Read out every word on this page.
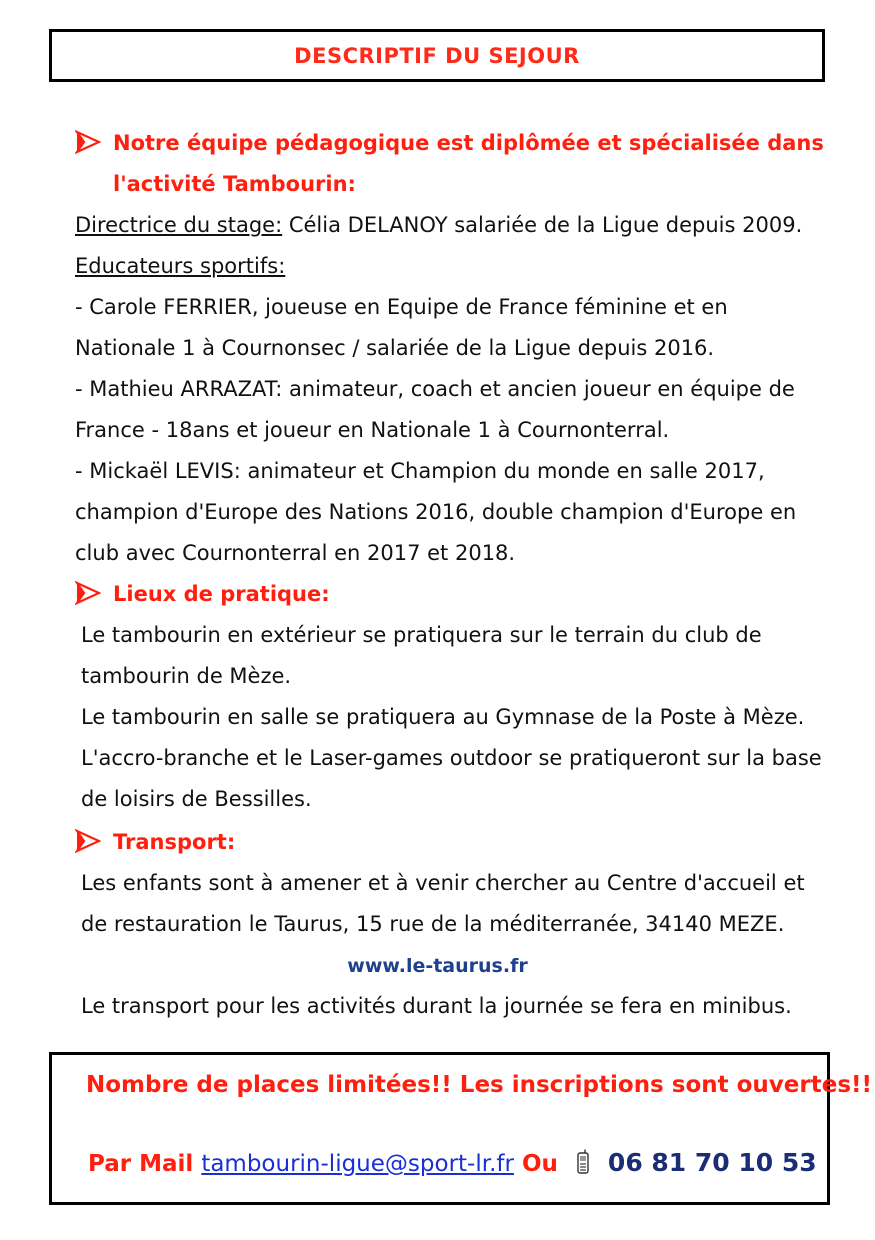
DESCRIPTIF DU SEJOUR
Notre équipe pédagogique est diplômée et spécialisée dans
l'activité Tambourin:
Directrice du stage: Célia DELANOY salariée de la Ligue depuis 2009.
Educateurs sportifs:
- Carole FERRIER, joueuse en Equipe de France féminine et en
Nationale 1 à Cournonsec / salariée de la Ligue depuis 2016.
- Mathieu ARRAZAT: animateur, coach et ancien joueur en équipe de
France - 18ans et joueur en Nationale 1 à Cournonterral.
- Mickaël LEVIS: animateur et Champion du monde en salle 2017,
champion d'Europe des Nations 2016, double champion d'Europe en
club avec Cournonterral en 2017 et 2018.
Lieux de pratique:
Le tambourin en extérieur se pratiquera sur le terrain du club de
tambourin de Mèze.
Le tambourin en salle se pratiquera au Gymnase de la Poste à Mèze.
L'accro-branche et le Laser-games outdoor se pratiqueront sur la base
de loisirs de Bessilles.
Transport:
Les enfants sont à amener et à venir chercher au Centre d'accueil et
de restauration le Taurus, 15 rue de la méditerranée, 34140 MEZE.
www.le-taurus.fr
Le transport pour les activités durant la journée se fera en minibus.
Nombre de places limitées!! Les inscriptions sont ouvertes!!
Par Mail tambourin-ligue@sport-lr.fr Ou 06 81 70 10 53
